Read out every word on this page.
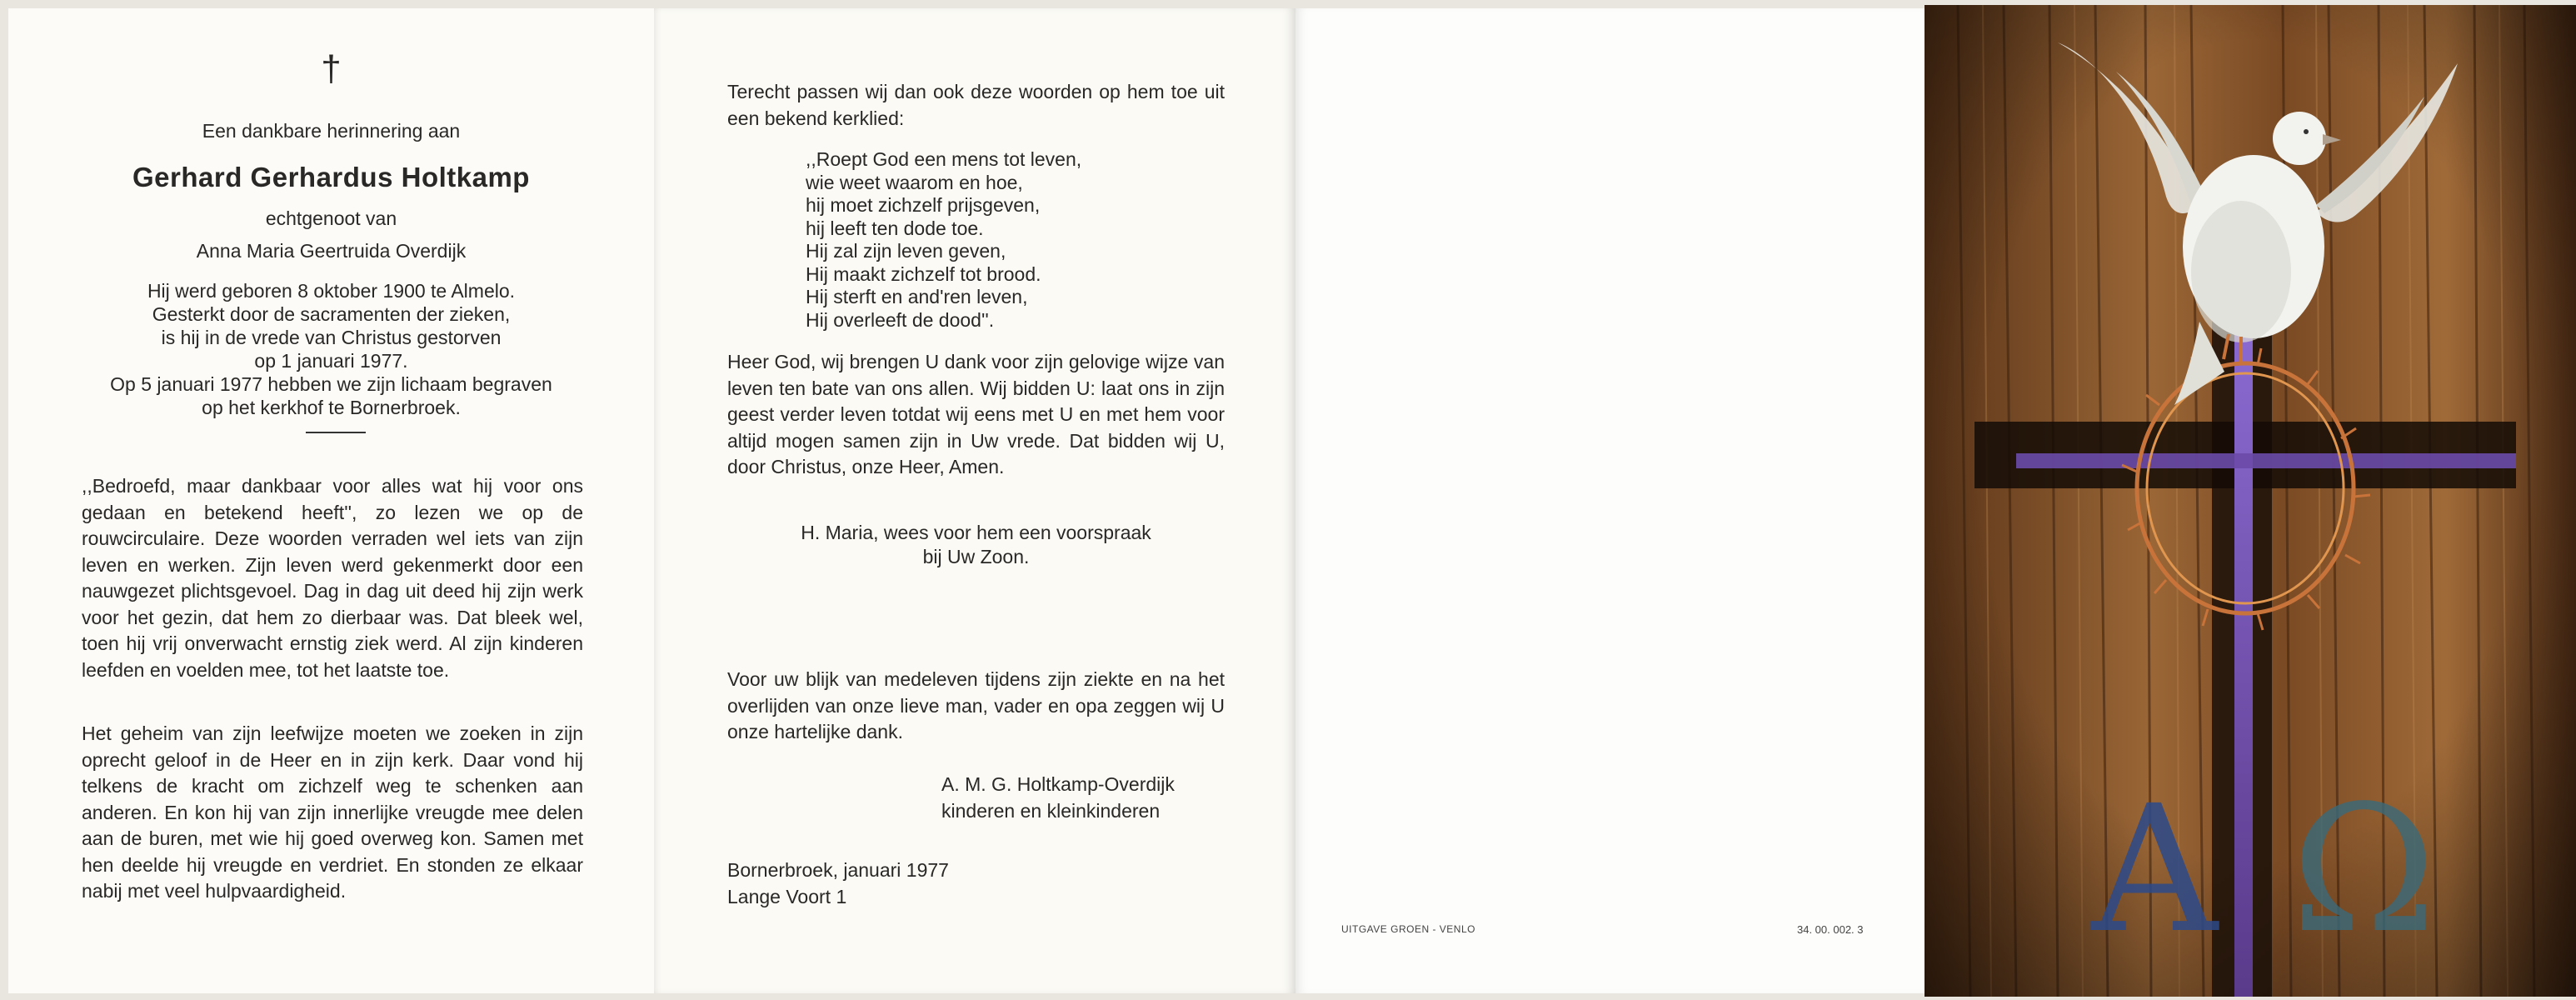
†
Een dankbare herinnering aan
Gerhard Gerhardus Holtkamp
echtgenoot van
Anna Maria Geertruida Overdijk
Hij werd geboren 8 oktober 1900 te Almelo.
Gesterkt door de sacramenten der zieken,
is hij in de vrede van Christus gestorven
op 1 januari 1977.
Op 5 januari 1977 hebben we zijn lichaam begraven
op het kerkhof te Bornerbroek.
,,Bedroefd, maar dankbaar voor alles wat hij voor ons gedaan en betekend heeft'', zo lezen we op de rouwcirculaire. Deze woorden verraden wel iets van zijn leven en werken. Zijn leven werd gekenmerkt door een nauwgezet plichtsgevoel. Dag in dag uit deed hij zijn werk voor het gezin, dat hem zo dierbaar was. Dat bleek wel, toen hij vrij onverwacht ernstig ziek werd. Al zijn kinderen leefden en voelden mee, tot het laatste toe.
Het geheim van zijn leefwijze moeten we zoeken in zijn oprecht geloof in de Heer en in zijn kerk. Daar vond hij telkens de kracht om zichzelf weg te schenken aan anderen. En kon hij van zijn innerlijke vreugde mee delen aan de buren, met wie hij goed overweg kon. Samen met hen deelde hij vreugde en verdriet. En stonden ze elkaar nabij met veel hulpvaardigheid.
Terecht passen wij dan ook deze woorden op hem toe uit een bekend kerklied:
,,Roept God een mens tot leven,
wie weet waarom en hoe,
hij moet zichzelf prijsgeven,
hij leeft ten dode toe.
Hij zal zijn leven geven,
Hij maakt zichzelf tot brood.
Hij sterft en and'ren leven,
Hij overleeft de dood''.
Heer God, wij brengen U dank voor zijn gelovige wijze van leven ten bate van ons allen. Wij bidden U: laat ons in zijn geest verder leven totdat wij eens met U en met hem voor altijd mogen samen zijn in Uw vrede. Dat bidden wij U, door Christus, onze Heer, Amen.
H. Maria, wees voor hem een voorspraak
bij Uw Zoon.
Voor uw blijk van medeleven tijdens zijn ziekte en na het overlijden van onze lieve man, vader en opa zeggen wij U onze hartelijke dank.
A. M. G. Holtkamp-Overdijk
kinderen en kleinkinderen
Bornerbroek, januari 1977
Lange Voort 1
UITGAVE GROEN - VENLO	34. 00. 002. 3 A Ω
